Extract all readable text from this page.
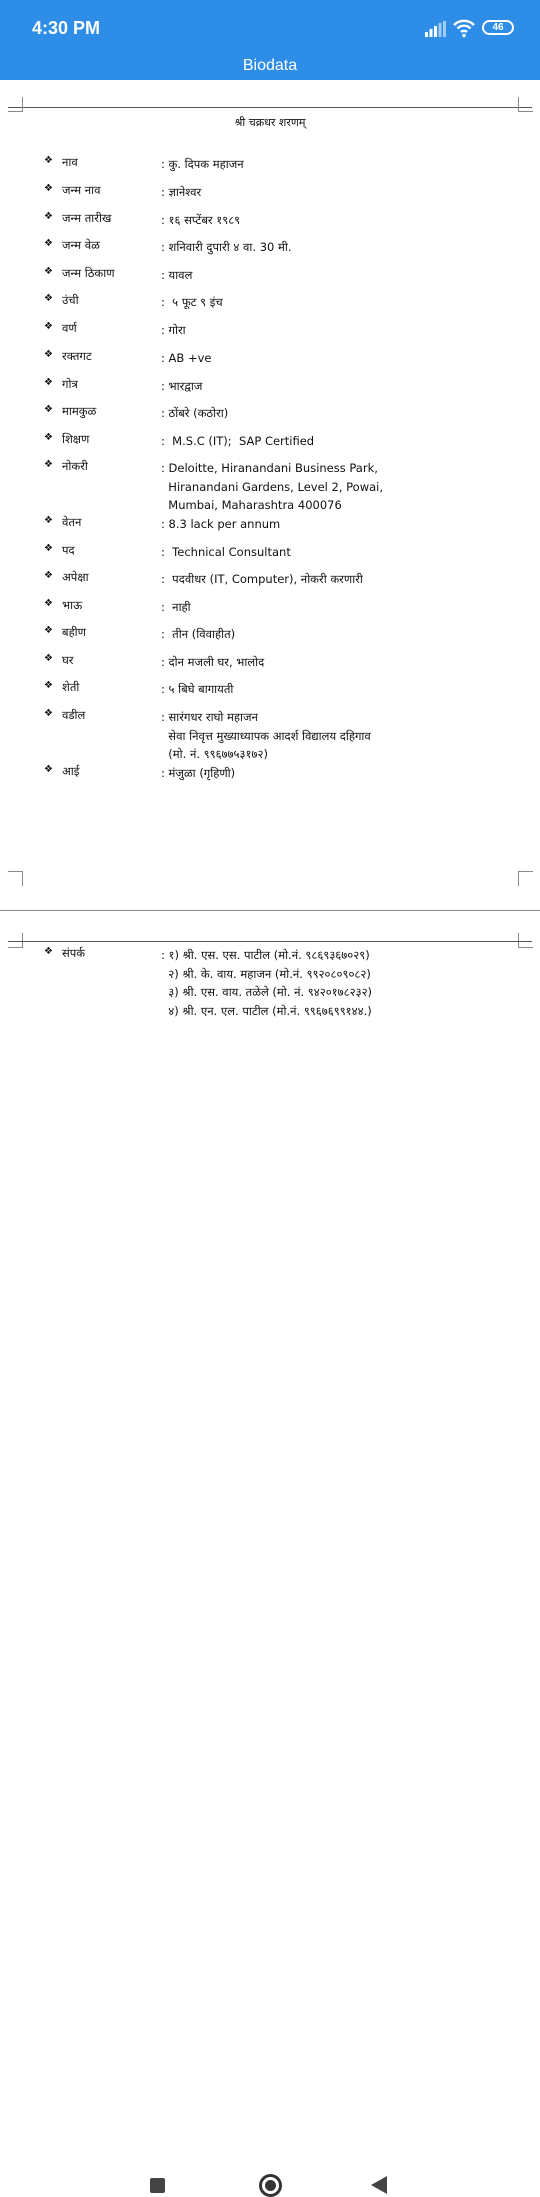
4:30 PM	46
Biodata
श्री चक्रधर शरणम्
❖ नाव	: कु. दिपक महाजन
❖ जन्म नाव	: ज्ञानेश्वर
❖ जन्म तारीख	: १६ सप्टेंबर १९८९
❖ जन्म वेळ	: शनिवारी दुपारी ४ वा. 30 मी.
❖ जन्म ठिकाण	: यावल
❖ उंची	:  ५ फूट ९ इंच
❖ वर्ण	: गोरा
❖ रक्तगट	: AB +ve
❖ गोत्र	: भारद्वाज
❖ मामकुळ	: ठोंबरे (कठोरा)
❖ शिक्षण	:  M.S.C (IT);  SAP Certified
❖ नोकरी	: Deloitte, Hiranandani Business Park,
Hiranandani Gardens, Level 2, Powai,
Mumbai, Maharashtra 400076
❖ वेतन	: 8.3 lack per annum
❖ पद	:  Technical Consultant
❖ अपेक्षा	:  पदवीधर (IT, Computer), नोकरी करणारी
❖ भाऊ	:  नाही
❖ बहीण	:  तीन (विवाहीत)
❖ घर	: दोन मजली घर, भालोद
❖ शेती	: ५ बिघे बागायती
❖ वडील	: सारंगधर राघो महाजन
सेवा निवृत्त मुख्याध्यापक आदर्श विद्यालय दहिगाव
(मो. नं. ९९६७७५३१७२)
❖ आई	: मंजुळा (गृहिणी)
❖ संपर्क	: १) श्री. एस. एस. पाटील (मो.नं. ९८६९३६७०२९)
२) श्री. के. वाय. महाजन (मो.नं. ९९२०८०९०८२)
३) श्री. एस. वाय. तळेले (मो. नं. ९४२०१७८२३२)
४) श्री. एन. एल. पाटील (मो.नं. ९९६७६९९१४४.)
